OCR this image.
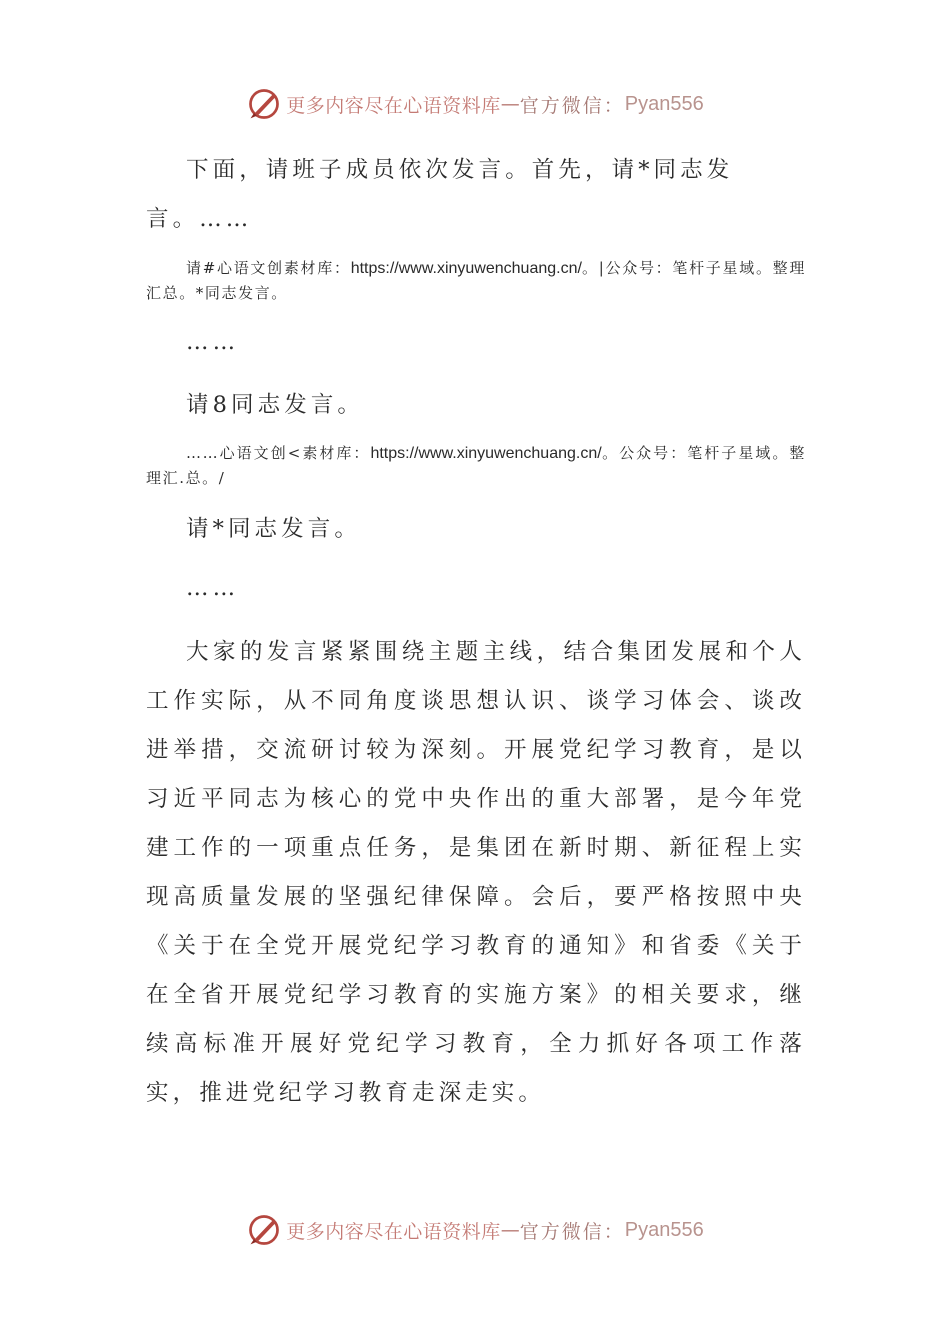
更多内容尽在心语资料库 — 官方微信： Pyan556

下面，请班子成员依次发言。首先，请*同志发言。……

请#心语文创素材库：https://www.xinyuwenchuang.cn/。|公众号：笔杆子星域。整理汇总。*同志发言。

……

请8同志发言。

……心语文创<素材库：https://www.xinyuwenchuang.cn/。公众号：笔杆子星域。整理汇.总。/

请*同志发言。

……

大家的发言紧紧围绕主题主线，结合集团发展和个人工作实际，从不同角度谈思想认识、谈学习体会、谈改进举措，交流研讨较为深刻。开展党纪学习教育，是以习近平同志为核心的党中央作出的重大部署，是今年党建工作的一项重点任务，是集团在新时期、新征程上实现高质量发展的坚强纪律保障。会后，要严格按照中央《关于在全党开展党纪学习教育的通知》和省委《关于在全省开展党纪学习教育的实施方案》的相关要求，继续高标准开展好党纪学习教育，全力抓好各项工作落实，推进党纪学习教育走深走实。

更多内容尽在心语资料库 — 官方微信： Pyan556
